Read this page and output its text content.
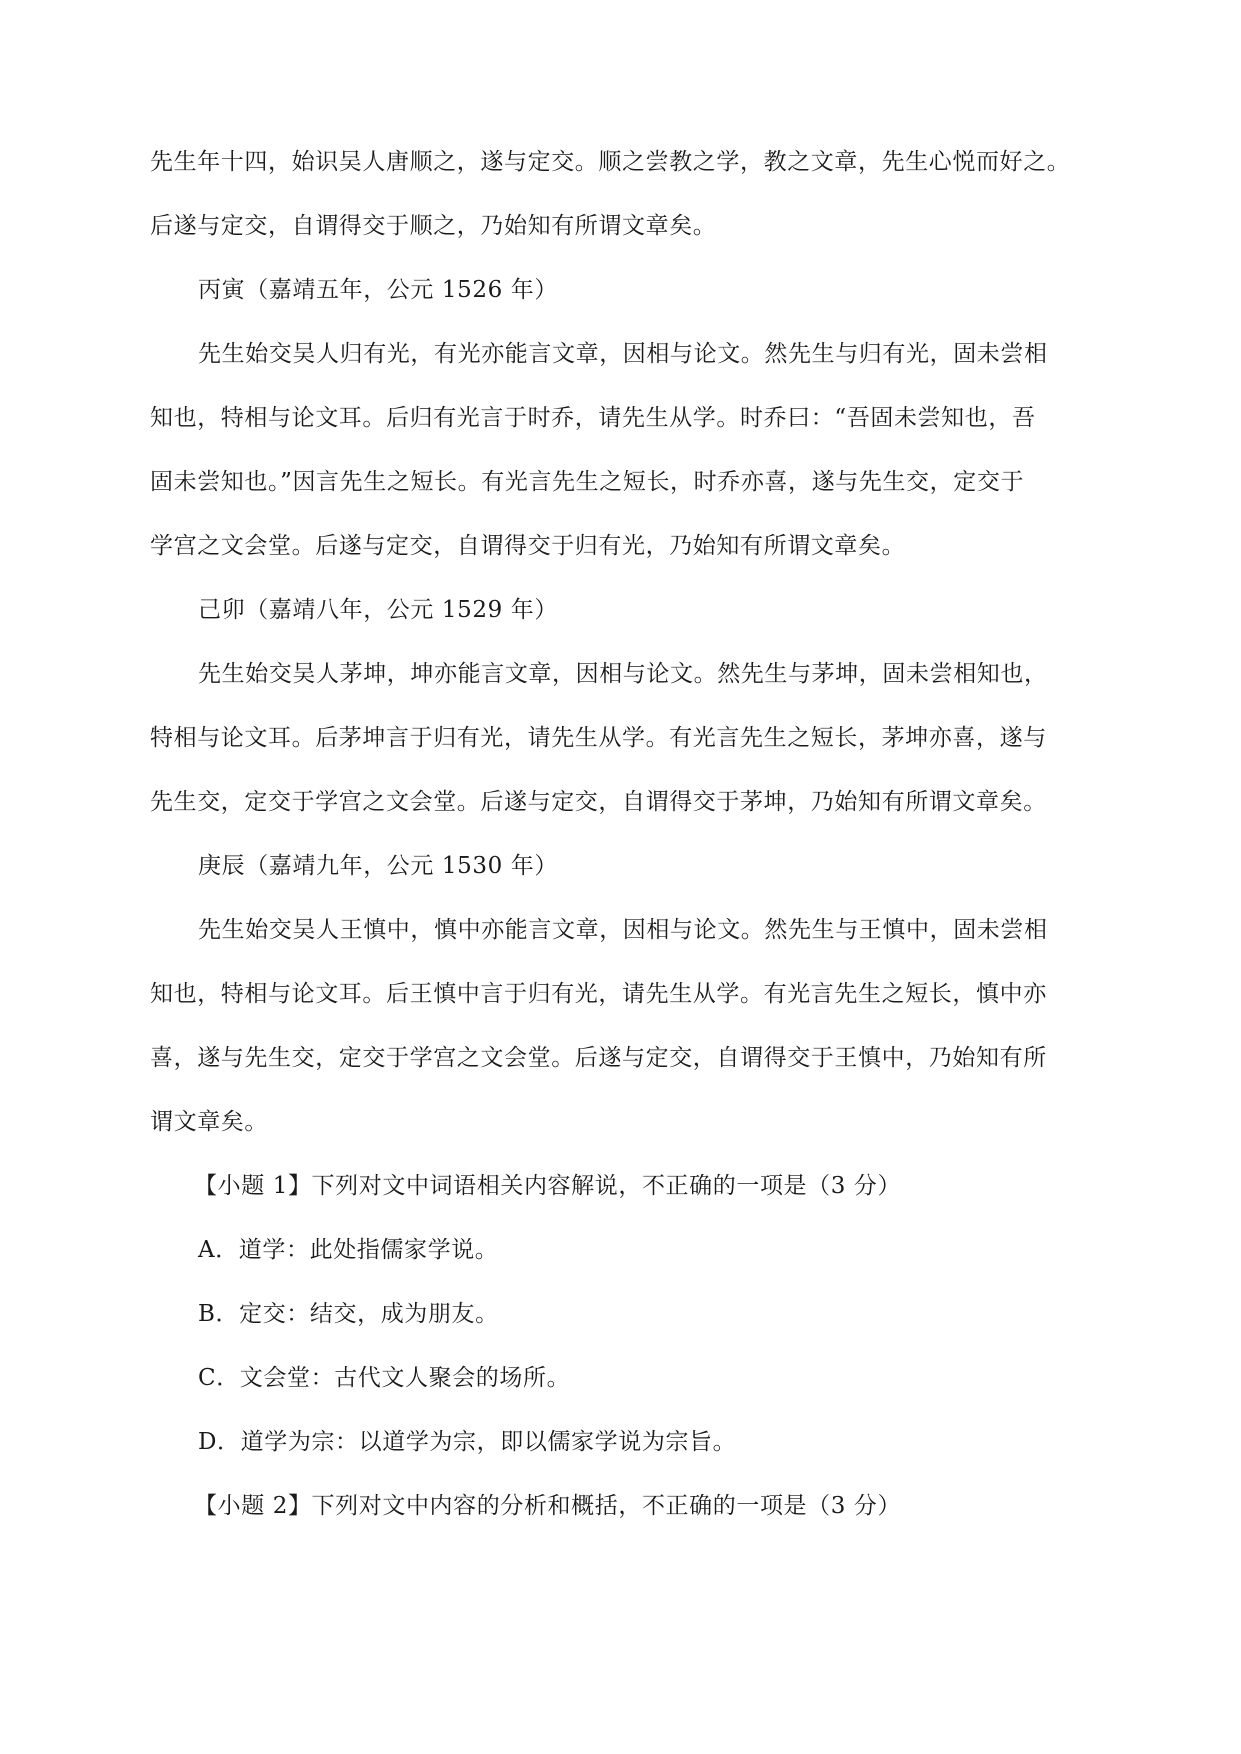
先生年十四，始识吴人唐顺之，遂与定交。顺之尝教之学，教之文章，先生心悦而好之。
后遂与定交，自谓得交于顺之，乃始知有所谓文章矣。
丙寅（嘉靖五年，公元 1526 年）
先生始交吴人归有光，有光亦能言文章，因相与论文。然先生与归有光，固未尝相
知也，特相与论文耳。后归有光言于时乔，请先生从学。时乔曰：“吾固未尝知也，吾
固未尝知也。”因言先生之短长。有光言先生之短长，时乔亦喜，遂与先生交，定交于
学宫之文会堂。后遂与定交，自谓得交于归有光，乃始知有所谓文章矣。
己卯（嘉靖八年，公元 1529 年）
先生始交吴人茅坤，坤亦能言文章，因相与论文。然先生与茅坤，固未尝相知也，
特相与论文耳。后茅坤言于归有光，请先生从学。有光言先生之短长，茅坤亦喜，遂与
先生交，定交于学宫之文会堂。后遂与定交，自谓得交于茅坤，乃始知有所谓文章矣。
庚辰（嘉靖九年，公元 1530 年）
先生始交吴人王慎中，慎中亦能言文章，因相与论文。然先生与王慎中，固未尝相
知也，特相与论文耳。后王慎中言于归有光，请先生从学。有光言先生之短长，慎中亦
喜，遂与先生交，定交于学宫之文会堂。后遂与定交，自谓得交于王慎中，乃始知有所
谓文章矣。
【小题 1】下列对文中词语相关内容解说，不正确的一项是（3 分）
A．道学：此处指儒家学说。
B．定交：结交，成为朋友。
C．文会堂：古代文人聚会的场所。
D．道学为宗：以道学为宗，即以儒家学说为宗旨。
【小题 2】下列对文中内容的分析和概括，不正确的一项是（3 分）
